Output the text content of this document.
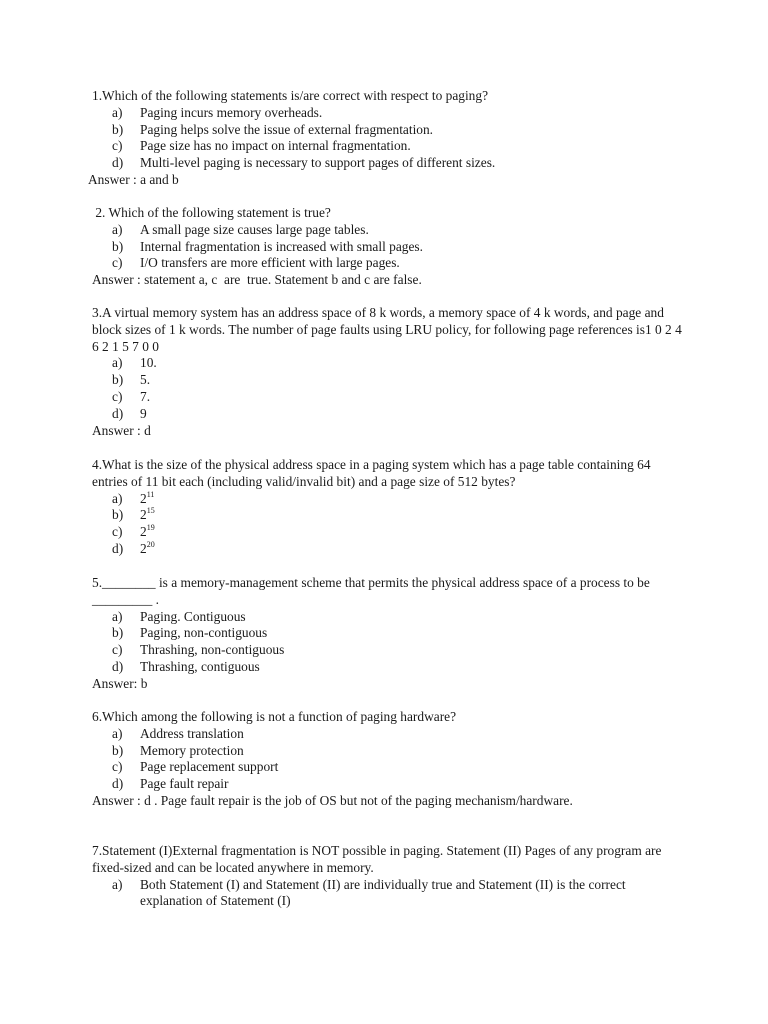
1.Which of the following statements is/are correct with respect to paging?
a)	Paging incurs memory overheads.
b)	Paging helps solve the issue of external fragmentation.
c)	Page size has no impact on internal fragmentation.
d)	Multi-level paging is necessary to support pages of different sizes.
Answer : a and b
2. Which of the following statement is true?
a)	A small page size causes large page tables.
b)	Internal fragmentation is increased with small pages.
c)	I/O transfers are more efficient with large pages.
Answer : statement a, c  are  true. Statement b and c are false.
3.A virtual memory system has an address space of 8 k words, a memory space of 4 k words, and page and block sizes of 1 k words. The number of page faults using LRU policy, for following page references is1 0 2 4 6 2 1 5 7 0 0
a)	10.
b)	5.
c)	7.
d)	9
Answer : d
4.What is the size of the physical address space in a paging system which has a page table containing 64 entries of 11 bit each (including valid/invalid bit) and a page size of 512 bytes?
a)	$2^{11}$
b)	$2^{15}$
c)	$2^{19}$
d)	$2^{20}$
5.________ is a memory-management scheme that permits the physical address space of a process to be _________ .
a)	Paging. Contiguous
b)	Paging, non-contiguous
c)	Thrashing, non-contiguous
d)	Thrashing, contiguous
Answer: b
6.Which among the following is not a function of paging hardware?
a)	Address translation
b)	Memory protection
c)	Page replacement support
d)	Page fault repair
Answer : d . Page fault repair is the job of OS but not of the paging mechanism/hardware.
7.Statement (I)External fragmentation is NOT possible in paging. Statement (II) Pages of any program are fixed-sized and can be located anywhere in memory.
a)	Both Statement (I) and Statement (II) are individually true and Statement (II) is the correct explanation of Statement (I)
